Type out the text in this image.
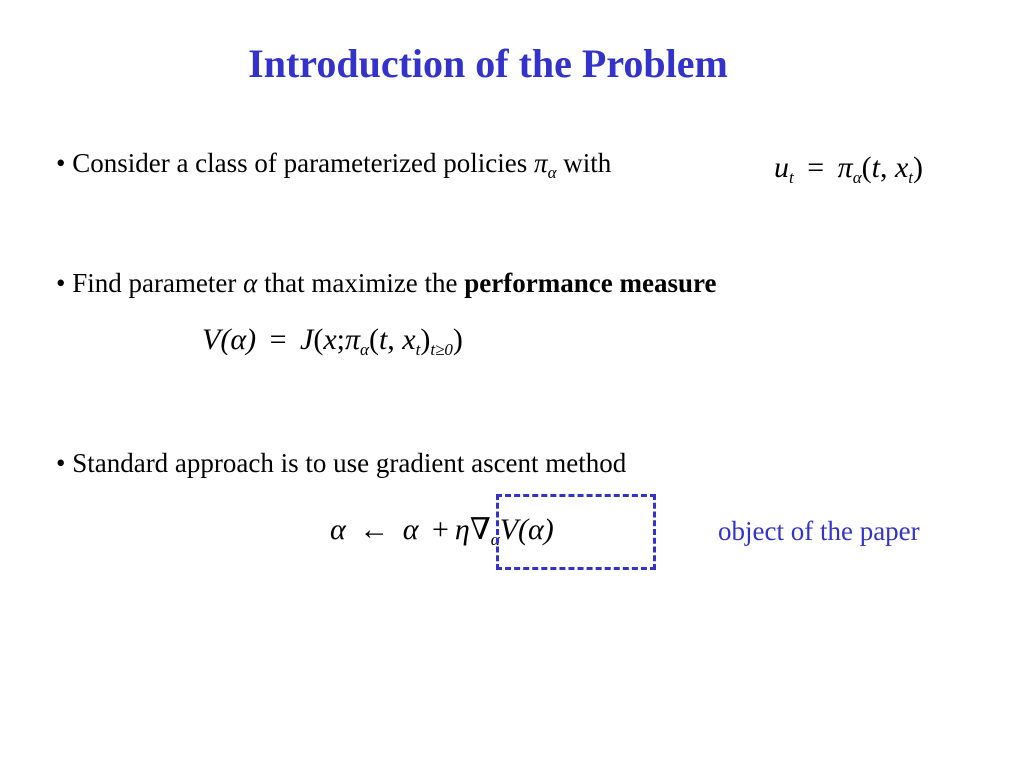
Introduction of the Problem
• Consider a class of parameterized policies $\pi_\alpha$ with	$u_t = \pi_\alpha(t$, $x_t$)
• Find parameter α that maximize the performance measure
$V(\alpha) = J(x;\pi_\alpha(t$, $x_t)_{t\ge 0}$)
• Standard approach is to use gradient ascent method
α ← $\alpha + \eta\nabla_\alpha V(\alpha)$	object of the paper
